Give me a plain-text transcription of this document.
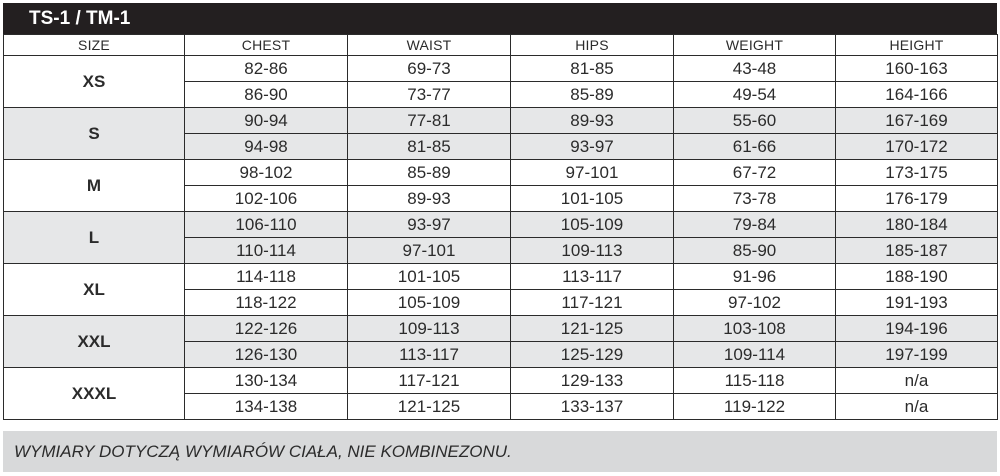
TS-1 / TM-1
SIZE	CHEST	WAIST	HIPS	WEIGHT	HEIGHT
XS	82-86	69-73	81-85	43-48	160-163
	86-90	73-77	85-89	49-54	164-166
S	90-94	77-81	89-93	55-60	167-169
	94-98	81-85	93-97	61-66	170-172
M	98-102	85-89	97-101	67-72	173-175
	102-106	89-93	101-105	73-78	176-179
L	106-110	93-97	105-109	79-84	180-184
	110-114	97-101	109-113	85-90	185-187
XL	114-118	101-105	113-117	91-96	188-190
	118-122	105-109	117-121	97-102	191-193
XXL	122-126	109-113	121-125	103-108	194-196
	126-130	113-117	125-129	109-114	197-199
XXXL	130-134	117-121	129-133	115-118	n/a
	134-138	121-125	133-137	119-122	n/a
WYMIARY DOTYCZĄ WYMIARÓW CIAŁA, NIE KOMBINEZONU.
